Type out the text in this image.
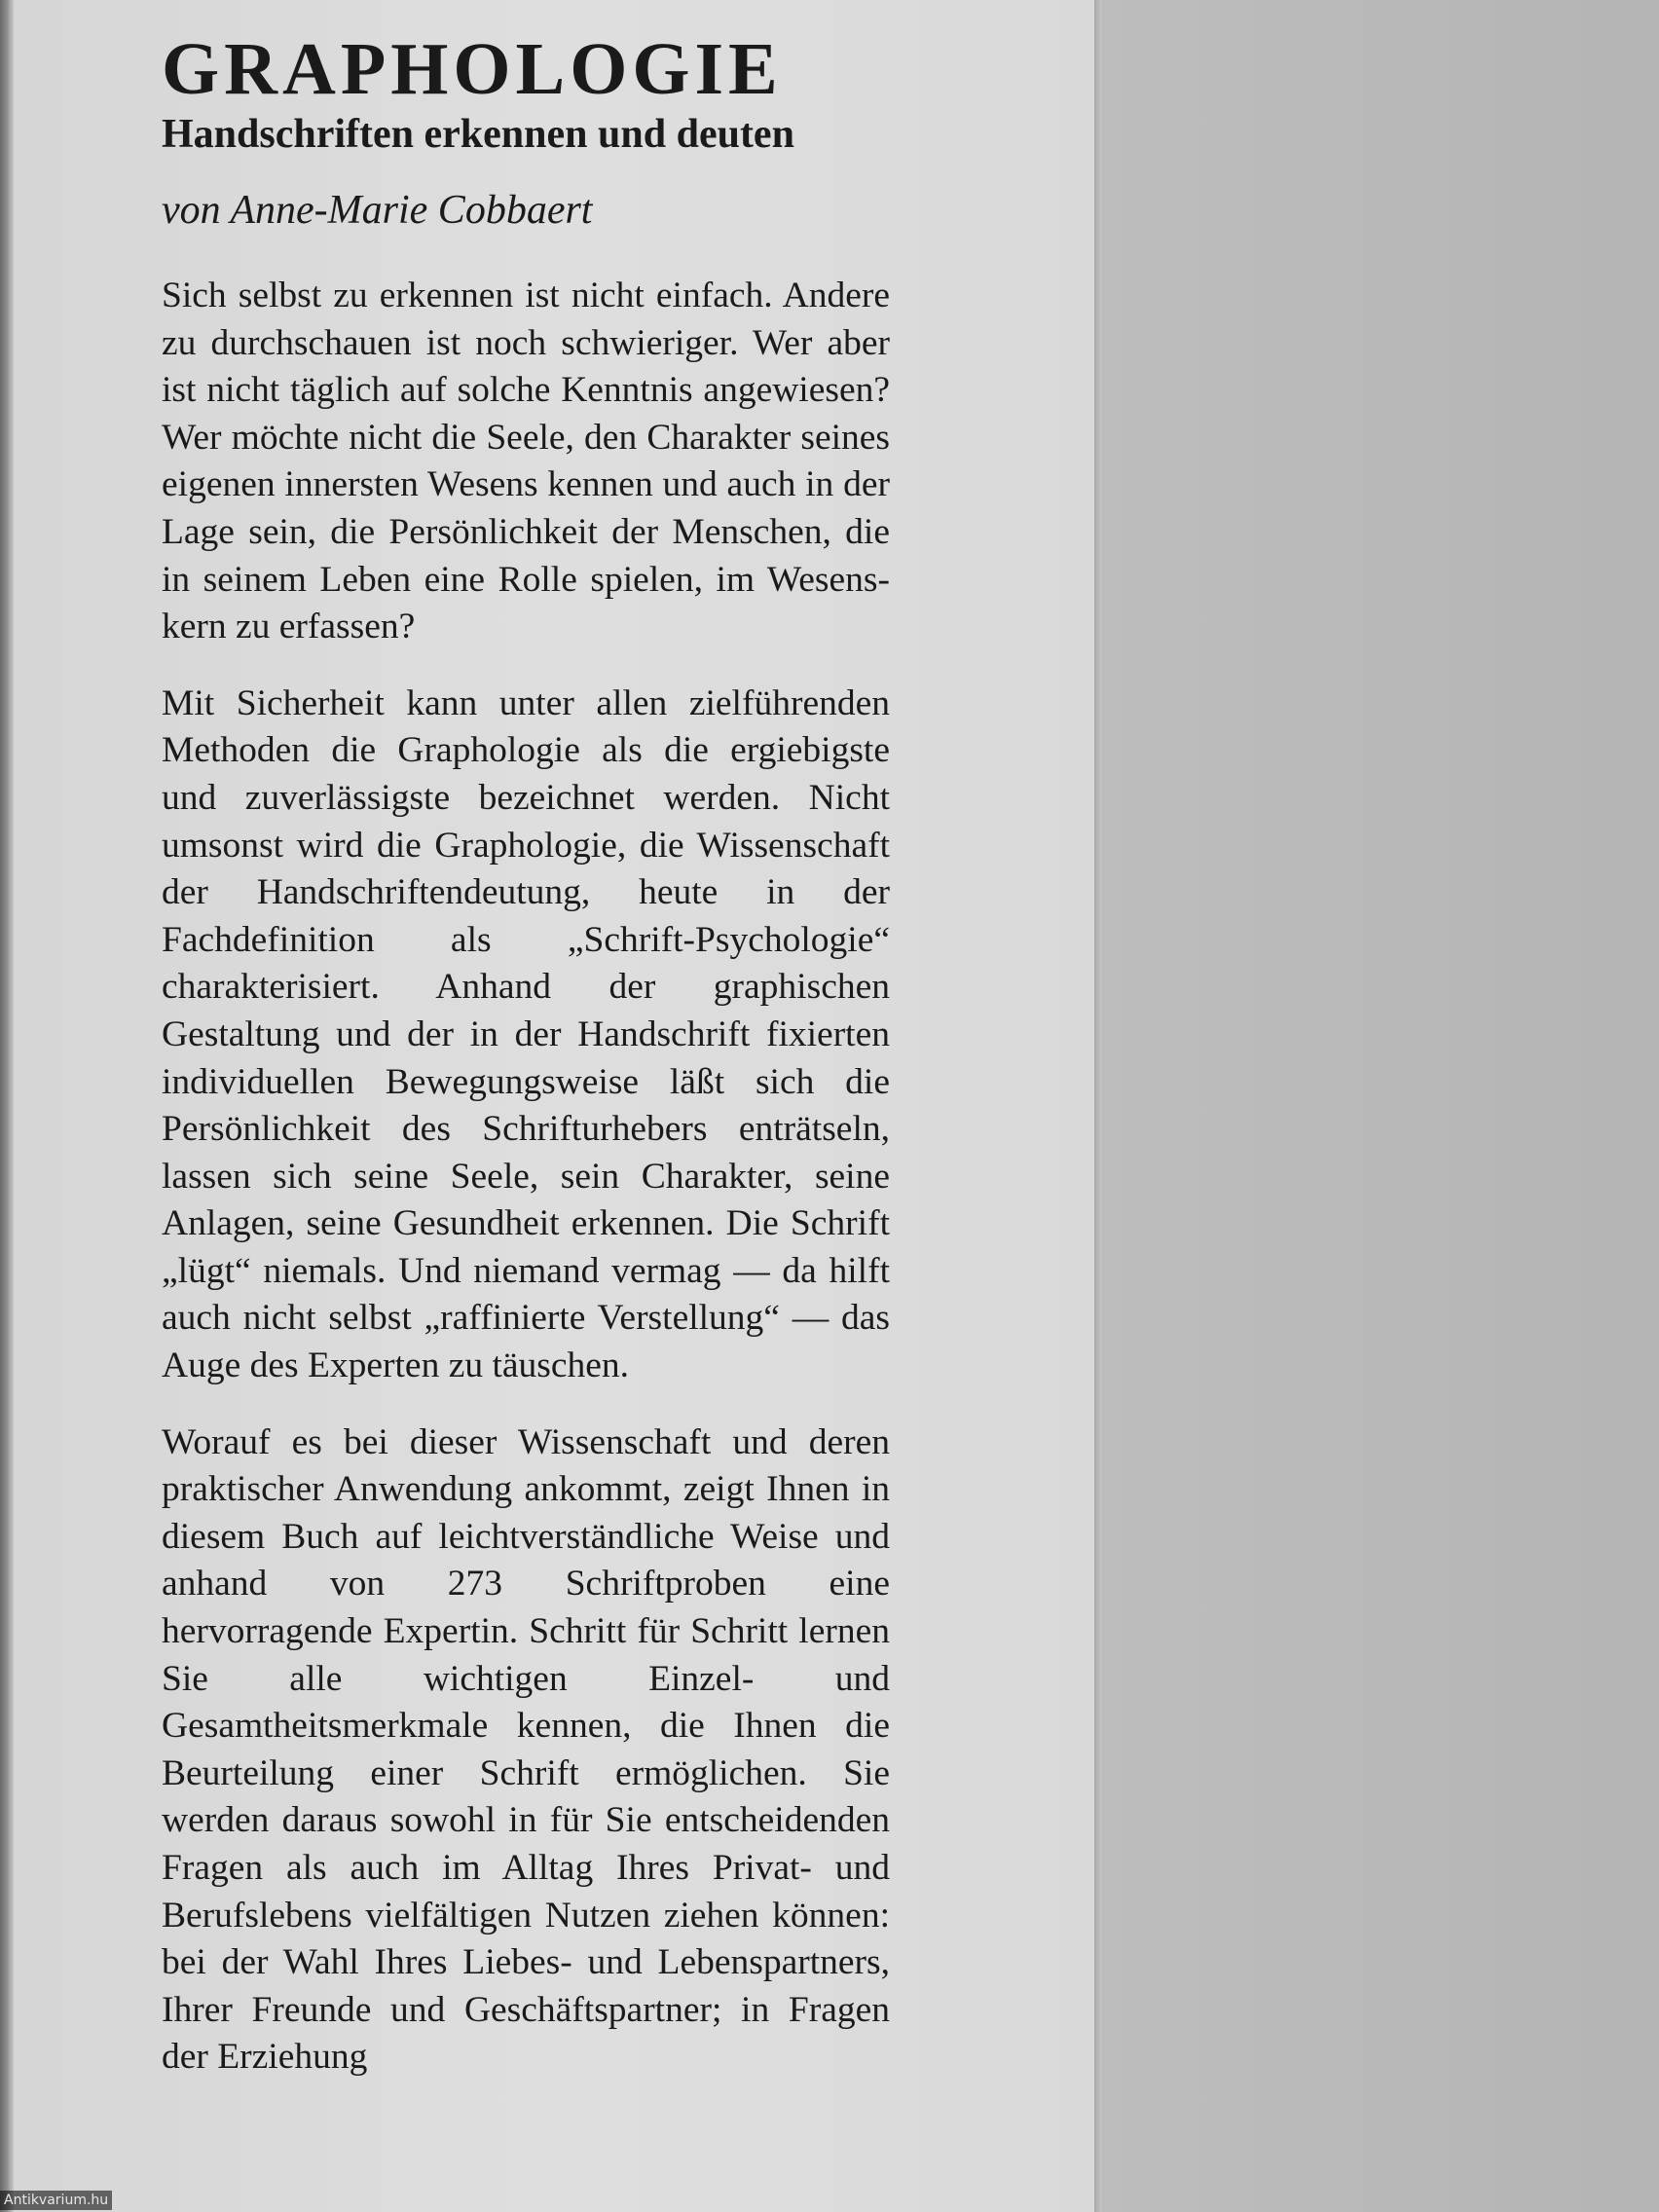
GRAPHOLOGIE
Handschriften erkennen und deuten

von Anne-Marie Cobbaert

Sich selbst zu erkennen ist nicht einfach. Andere zu durchschauen ist noch schwieriger. Wer aber ist nicht täglich auf solche Kenntnis angewiesen? Wer möchte nicht die Seele, den Charakter seines eigenen innersten Wesens kennen und auch in der Lage sein, die Persönlichkeit der Menschen, die in seinem Leben eine Rolle spielen, im Wesenskern zu erfassen?

Mit Sicherheit kann unter allen zielführenden Methoden die Graphologie als die ergiebigste und zuverlässigste bezeichnet werden. Nicht umsonst wird die Graphologie, die Wissenschaft der Handschriftendeutung, heute in der Fachdefinition als „Schrift-Psychologie“ charakterisiert. Anhand der graphischen Gestaltung und der in der Handschrift fixierten individuellen Bewegungsweise läßt sich die Persönlichkeit des Schrifturhebers enträtseln, lassen sich seine Seele, sein Charakter, seine Anlagen, seine Gesundheit erkennen. Die Schrift „lügt“ niemals. Und niemand vermag — da hilft auch nicht selbst „raffinierte Verstellung“ — das Auge des Experten zu täuschen.

Worauf es bei dieser Wissenschaft und deren praktischer Anwendung ankommt, zeigt Ihnen in diesem Buch auf leichtverständliche Weise und anhand von 273 Schriftproben eine hervorragende Expertin. Schritt für Schritt lernen Sie alle wichtigen Einzel- und Gesamtheitsmerkmale kennen, die Ihnen die Beurteilung einer Schrift ermöglichen. Sie werden daraus sowohl in für Sie entscheidenden Fragen als auch im Alltag Ihres Privat- und Berufslebens vielfältigen Nutzen ziehen können: bei der Wahl Ihres Liebes- und Lebenspartners, Ihrer Freunde und Geschäftspartner; in Fragen der Erziehung

Antikvarium.hu
